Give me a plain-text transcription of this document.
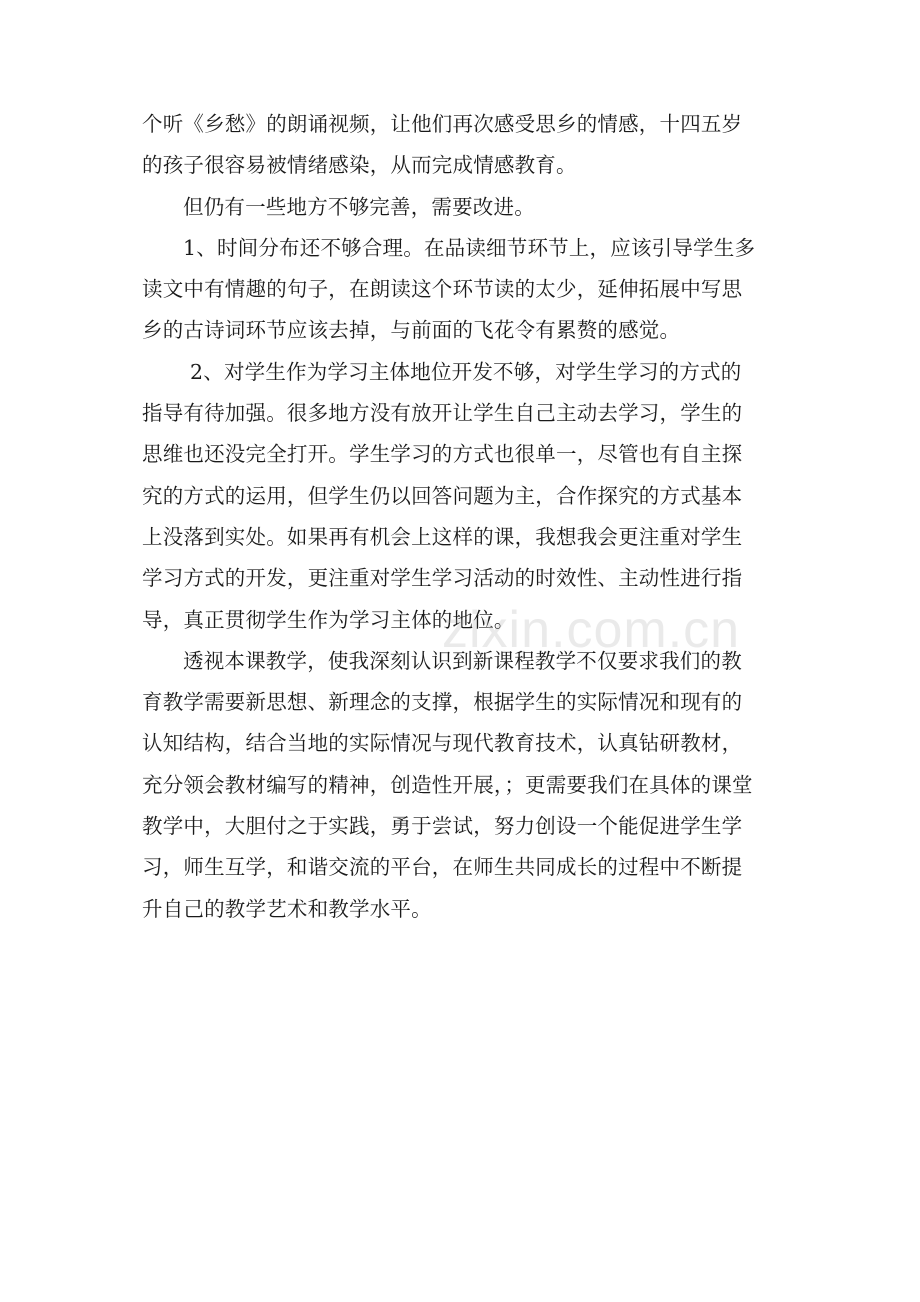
个听《乡愁》的朗诵视频，让他们再次感受思乡的情感，十四五岁
的孩子很容易被情绪感染，从而完成情感教育。
但仍有一些地方不够完善，需要改进。
1、时间分布还不够合理。在品读细节环节上，应该引导学生多
读文中有情趣的句子，在朗读这个环节读的太少，延伸拓展中写思
乡的古诗词环节应该去掉，与前面的飞花令有累赘的感觉。
2、对学生作为学习主体地位开发不够，对学生学习的方式的
指导有待加强。很多地方没有放开让学生自己主动去学习，学生的
思维也还没完全打开。学生学习的方式也很单一，尽管也有自主探
究的方式的运用，但学生仍以回答问题为主，合作探究的方式基本
上没落到实处。如果再有机会上这样的课，我想我会更注重对学生
学习方式的开发，更注重对学生学习活动的时效性、主动性进行指
导，真正贯彻学生作为学习主体的地位。
透视本课教学，使我深刻认识到新课程教学不仅要求我们的教
育教学需要新思想、新理念的支撑，根据学生的实际情况和现有的
认知结构，结合当地的实际情况与现代教育技术，认真钻研教材，
充分领会教材编写的精神，创造性开展，；更需要我们在具体的课堂
教学中，大胆付之于实践，勇于尝试，努力创设一个能促进学生学
习，师生互学，和谐交流的平台，在师生共同成长的过程中不断提
升自己的教学艺术和教学水平。
zixin.com.cn
